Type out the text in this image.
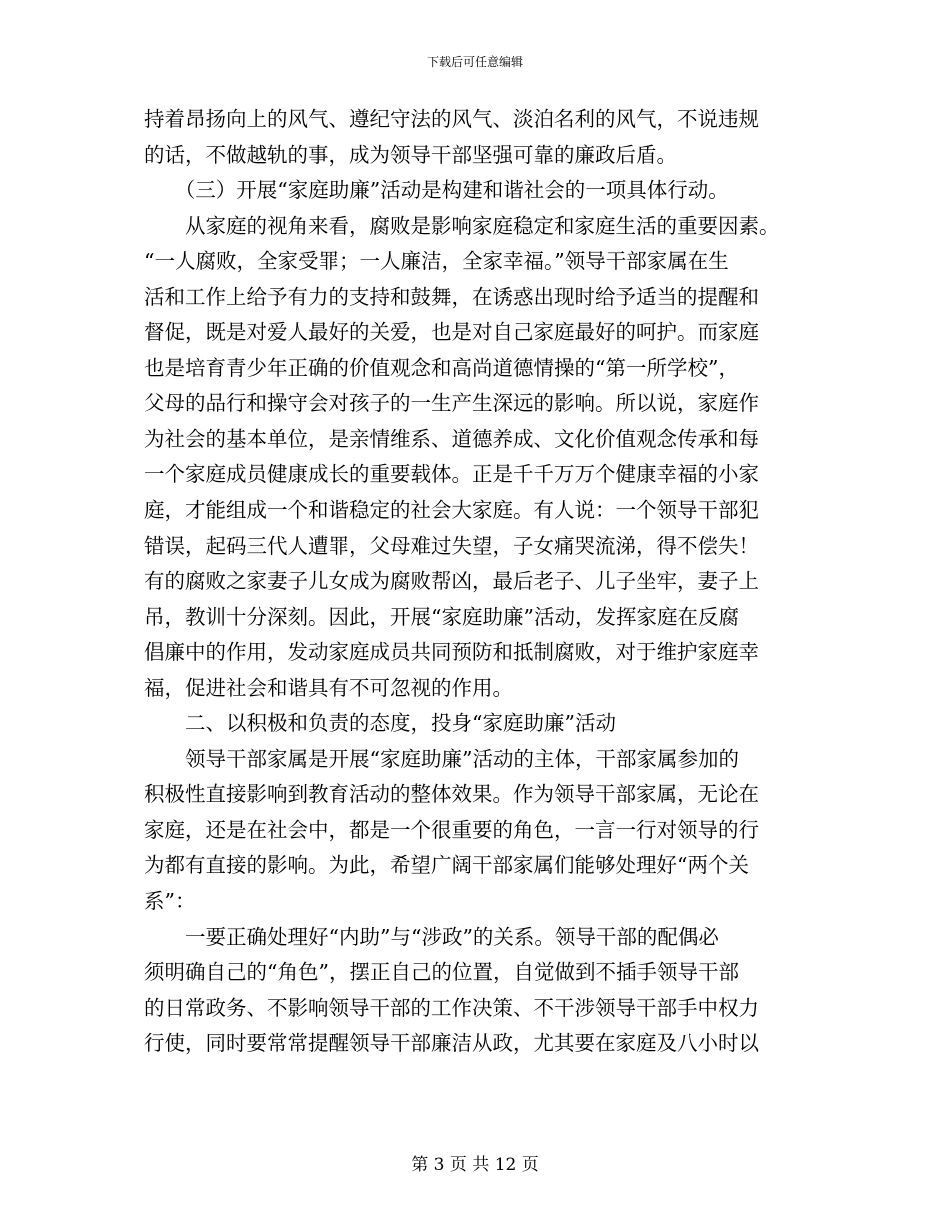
下载后可任意编辑
持着昂扬向上的风气、遵纪守法的风气、淡泊名利的风气，不说违规
的话，不做越轨的事，成为领导干部坚强可靠的廉政后盾。
　　（三）开展“家庭助廉”活动是构建和谐社会的一项具体行动。
　　从家庭的视角来看，腐败是影响家庭稳定和家庭生活的重要因素。
“一人腐败，全家受罪；一人廉洁，全家幸福。”领导干部家属在生
活和工作上给予有力的支持和鼓舞，在诱惑出现时给予适当的提醒和
督促，既是对爱人最好的关爱，也是对自己家庭最好的呵护。而家庭
也是培育青少年正确的价值观念和高尚道德情操的“第一所学校”，
父母的品行和操守会对孩子的一生产生深远的影响。所以说，家庭作
为社会的基本单位，是亲情维系、道德养成、文化价值观念传承和每
一个家庭成员健康成长的重要载体。正是千千万万个健康幸福的小家
庭，才能组成一个和谐稳定的社会大家庭。有人说：一个领导干部犯
错误，起码三代人遭罪，父母难过失望，子女痛哭流涕，得不偿失！
有的腐败之家妻子儿女成为腐败帮凶，最后老子、儿子坐牢，妻子上
吊，教训十分深刻。因此，开展“家庭助廉”活动，发挥家庭在反腐
倡廉中的作用，发动家庭成员共同预防和抵制腐败，对于维护家庭幸
福，促进社会和谐具有不可忽视的作用。
　　二、以积极和负责的态度，投身“家庭助廉”活动
　　领导干部家属是开展“家庭助廉”活动的主体，干部家属参加的
积极性直接影响到教育活动的整体效果。作为领导干部家属，无论在
家庭，还是在社会中，都是一个很重要的角色，一言一行对领导的行
为都有直接的影响。为此，希望广阔干部家属们能够处理好“两个关
系”：
　　一要正确处理好“内助”与“涉政”的关系。领导干部的配偶必
须明确自己的“角色”，摆正自己的位置，自觉做到不插手领导干部
的日常政务、不影响领导干部的工作决策、不干涉领导干部手中权力
行使，同时要常常提醒领导干部廉洁从政，尤其要在家庭及八小时以
第 3 页 共 12 页
